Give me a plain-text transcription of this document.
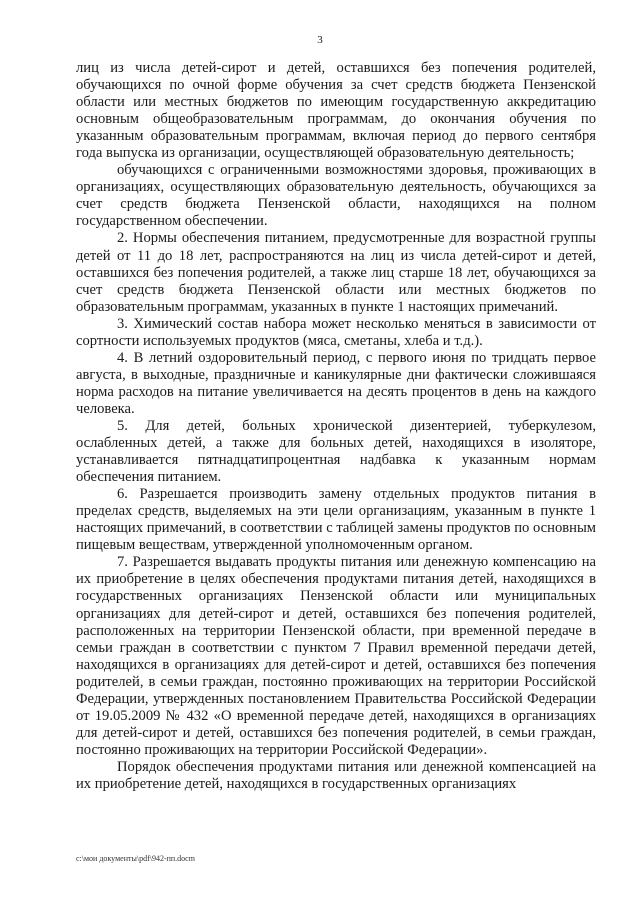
3

лиц из числа детей-сирот и детей, оставшихся без попечения родителей, обучающихся по очной форме обучения за счет средств бюджета Пензенской области или местных бюджетов по имеющим государственную аккредитацию основным общеобразовательным программам, до окончания обучения по указанным образовательным программам, включая период до первого сентября года выпуска из организации, осуществляющей образовательную деятельность;

обучающихся с ограниченными возможностями здоровья, проживающих в организациях, осуществляющих образовательную деятельность, обучающихся за счет средств бюджета Пензенской области, находящихся на полном государственном обеспечении.

2. Нормы обеспечения питанием, предусмотренные для возрастной группы детей от 11 до 18 лет, распространяются на лиц из числа детей-сирот и детей, оставшихся без попечения родителей, а также лиц старше 18 лет, обучающихся за счет средств бюджета Пензенской области или местных бюджетов по образовательным программам, указанных в пункте 1 настоящих примечаний.

3. Химический состав набора может несколько меняться в зависимости от сортности используемых продуктов (мяса, сметаны, хлеба и т.д.).

4. В летний оздоровительный период, с первого июня по тридцать первое августа, в выходные, праздничные и каникулярные дни фактически сложившаяся норма расходов на питание увеличивается на десять процентов в день на каждого человека.

5. Для детей, больных хронической дизентерией, туберкулезом, ослабленных детей, а также для больных детей, находящихся в изоляторе, устанавливается пятнадцатипроцентная надбавка к указанным нормам обеспечения питанием.

6. Разрешается производить замену отдельных продуктов питания в пределах средств, выделяемых на эти цели организациям, указанным в пункте 1 настоящих примечаний, в соответствии с таблицей замены продуктов по основным пищевым веществам, утвержденной уполномоченным органом.

7. Разрешается выдавать продукты питания или денежную компенсацию на их приобретение в целях обеспечения продуктами питания детей, находящихся в государственных организациях Пензенской области или муниципальных организациях для детей-сирот и детей, оставшихся без попечения родителей, расположенных на территории Пензенской области, при временной передаче в семьи граждан в соответствии с пунктом 7 Правил временной передачи детей, находящихся в организациях для детей-сирот и детей, оставшихся без попечения родителей, в семьи граждан, постоянно проживающих на территории Российской Федерации, утвержденных постановлением Правительства Российской Федерации от 19.05.2009 № 432 «О временной передаче детей, находящихся в организациях для детей-сирот и детей, оставшихся без попечения родителей, в семьи граждан, постоянно проживающих на территории Российской Федерации».

Порядок обеспечения продуктами питания или денежной компенсацией на их приобретение детей, находящихся в государственных организациях

c:\мои документы\pdf\942-пп.docm
